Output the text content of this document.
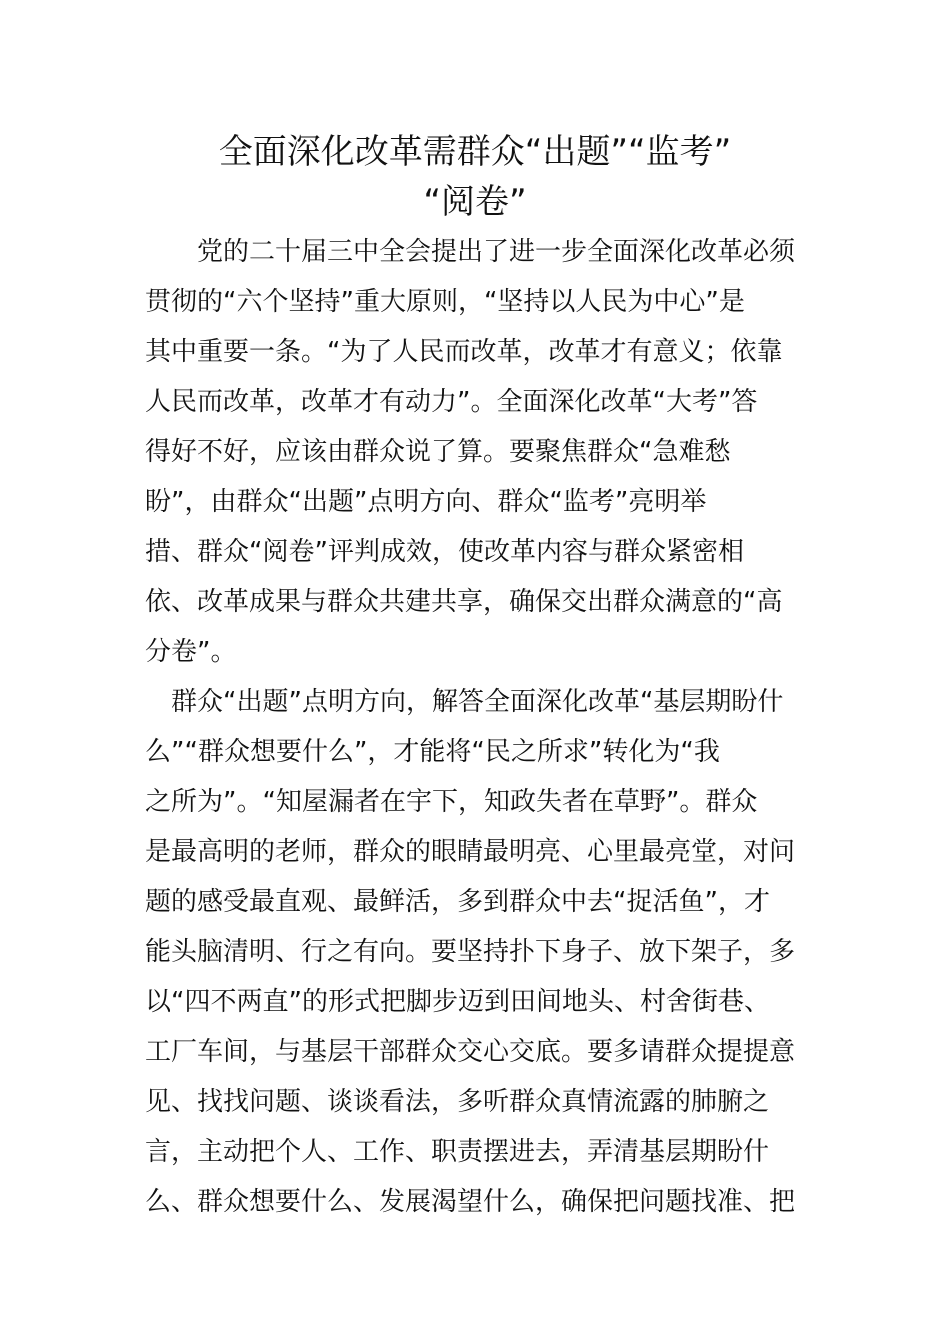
全面深化改革需群众“出题”“监考”
“阅卷”
　　党的二十届三中全会提出了进一步全面深化改革必须
贯彻的“六个坚持”重大原则，“坚持以人民为中心”是
其中重要一条。“为了人民而改革，改革才有意义；依靠
人民而改革，改革才有动力”。全面深化改革“大考”答
得好不好，应该由群众说了算。要聚焦群众“急难愁
盼”，由群众“出题”点明方向、群众“监考”亮明举
措、群众“阅卷”评判成效，使改革内容与群众紧密相
依、改革成果与群众共建共享，确保交出群众满意的“高
分卷”。
　群众“出题”点明方向，解答全面深化改革“基层期盼什
么”“群众想要什么”，才能将“民之所求”转化为“我
之所为”。“知屋漏者在宇下，知政失者在草野”。群众
是最高明的老师，群众的眼睛最明亮、心里最亮堂，对问
题的感受最直观、最鲜活，多到群众中去“捉活鱼”，才
能头脑清明、行之有向。要坚持扑下身子、放下架子，多
以“四不两直”的形式把脚步迈到田间地头、村舍街巷、
工厂车间，与基层干部群众交心交底。要多请群众提提意
见、找找问题、谈谈看法，多听群众真情流露的肺腑之
言，主动把个人、工作、职责摆进去，弄清基层期盼什
么、群众想要什么、发展渴望什么，确保把问题找准、把
